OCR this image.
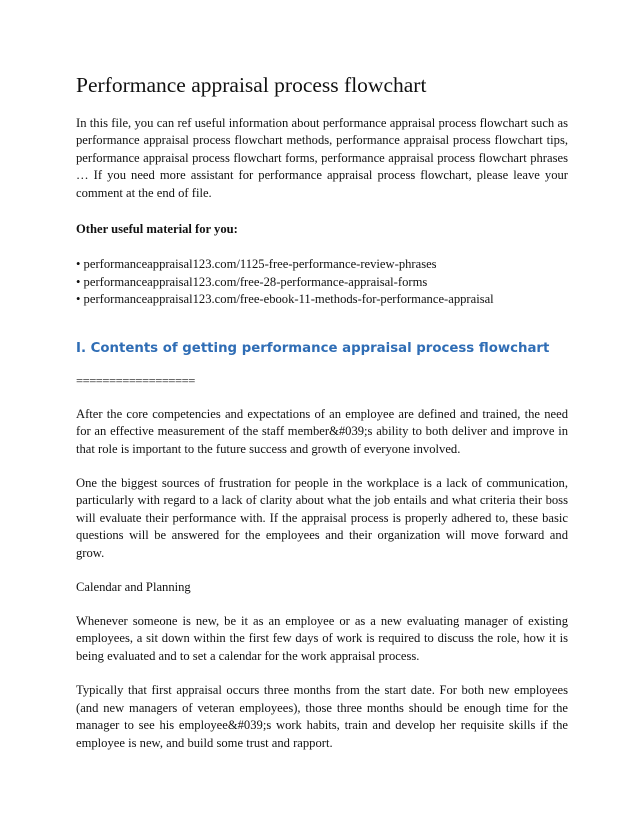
Performance appraisal process flowchart

In this file, you can ref useful information about performance appraisal process flowchart such as performance appraisal process flowchart methods, performance appraisal process flowchart tips, performance appraisal process flowchart forms, performance appraisal process flowchart phrases … If you need more assistant for performance appraisal process flowchart, please leave your comment at the end of file.

Other useful material for you:
• performanceappraisal123.com/1125-free-performance-review-phrases
• performanceappraisal123.com/free-28-performance-appraisal-forms
• performanceappraisal123.com/free-ebook-11-methods-for-performance-appraisal
I. Contents of getting performance appraisal process flowchart
==================

After the core competencies and expectations of an employee are defined and trained, the need for an effective measurement of the staff member&#039;s ability to both deliver and improve in that role is important to the future success and growth of everyone involved.

One the biggest sources of frustration for people in the workplace is a lack of communication, particularly with regard to a lack of clarity about what the job entails and what criteria their boss will evaluate their performance with. If the appraisal process is properly adhered to, these basic questions will be answered for the employees and their organization will move forward and grow.

Calendar and Planning

Whenever someone is new, be it as an employee or as a new evaluating manager of existing employees, a sit down within the first few days of work is required to discuss the role, how it is being evaluated and to set a calendar for the work appraisal process.

Typically that first appraisal occurs three months from the start date. For both new employees (and new managers of veteran employees), those three months should be enough time for the manager to see his employee&#039;s work habits, train and develop her requisite skills if the employee is new, and build some trust and rapport.
